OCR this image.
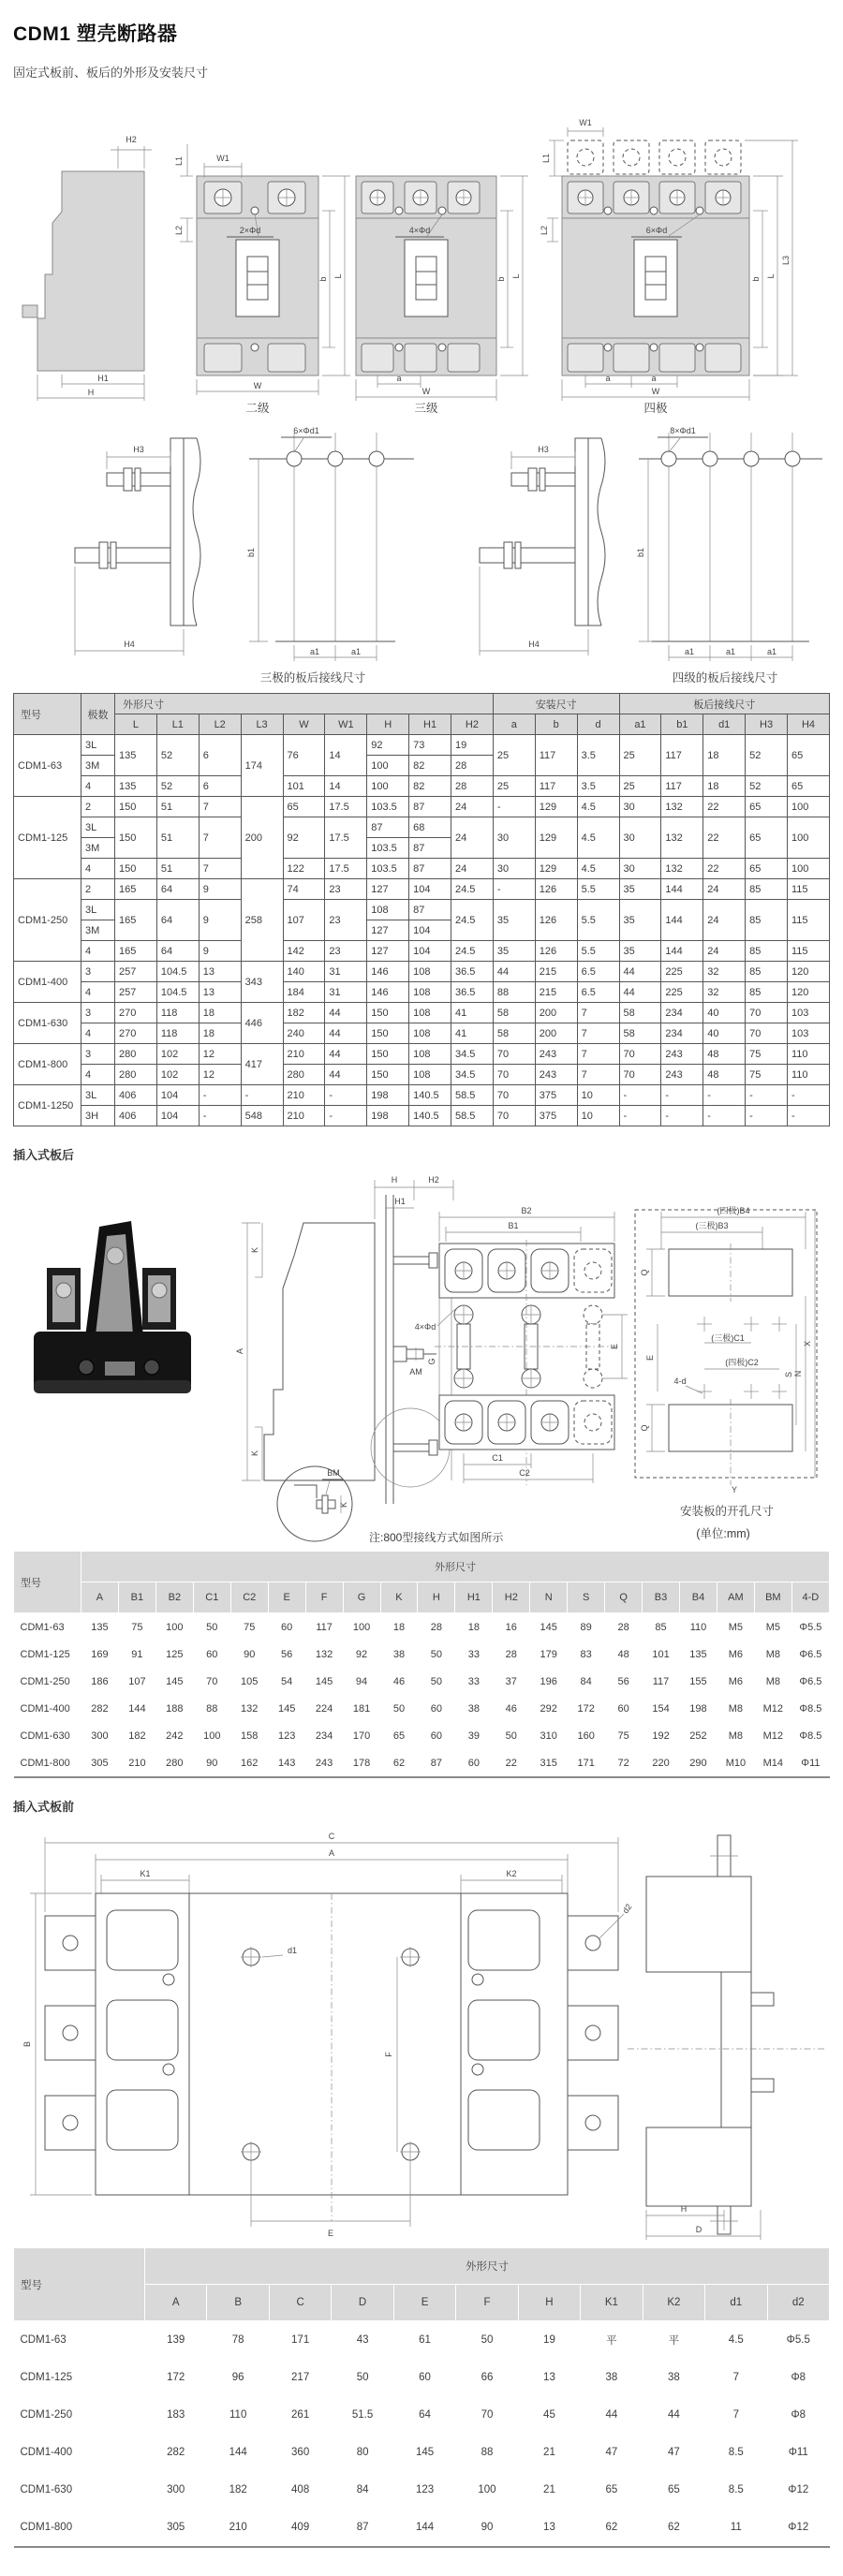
CDM1 塑壳断路器

固定式板前、板后的外形及安装尺寸

H2
H1
H
W1
L1
L2	2×Φd
b
L
W
二级
4×Φd
b
L
a
W
三级
W1
L1
L2	6×Φd
a	a
W
b
L
L3
四极
H3
H4
6×Φd1
b1
a1	a1
三极的板后接线尺寸
H3
H4
8×Φd1
b1
a1	a1	a1
四级的板后接线尺寸
型号	极数	外形尺寸									安装尺寸			板后接线尺寸				
		L	L1	L2	L3	W	W1	H	H1	H2	a	b	d	a1	b1	d1	H3	H4
CDM1-63	3L	135	52	6	174	76	14	92	73	19	25	117	3.5	25	117	18	52	65
	3M							100	82	28								
	4	135	52	6		101	14	100	82	28	25	117	3.5	25	117	18	52	65
CDM1-125	2	150	51	7	200	65	17.5	103.5	87	24	-	129	4.5	30	132	22	65	100
	3L	150	51	7		92	17.5	87	68	24	30	129	4.5	30	132	22	65	100
	3M							103.5	87									
	4	150	51	7		122	17.5	103.5	87	24	30	129	4.5	30	132	22	65	100
CDM1-250	2	165	64	9	258	74	23	127	104	24.5	-	126	5.5	35	144	24	85	115
	3L	165	64	9		107	23	108	87	24.5	35	126	5.5	35	144	24	85	115
	3M							127	104									
	4	165	64	9		142	23	127	104	24.5	35	126	5.5	35	144	24	85	115
CDM1-400	3	257	104.5	13	343	140	31	146	108	36.5	44	215	6.5	44	225	32	85	120
	4	257	104.5	13		184	31	146	108	36.5	88	215	6.5	44	225	32	85	120
CDM1-630	3	270	118	18	446	182	44	150	108	41	58	200	7	58	234	40	70	103
	4	270	118	18		240	44	150	108	41	58	200	7	58	234	40	70	103
CDM1-800	3	280	102	12	417	210	44	150	108	34.5	70	243	7	70	243	48	75	110
	4	280	102	12		280	44	150	108	34.5	70	243	7	70	243	48	75	110
CDM1-1250	3L	406	104	-	-	210	-	198	140.5	58.5	70	375	10	-	-	-	-	-
	3H	406	104	-	548	210	-	198	140.5	58.5	70	375	10	-	-	-	-	-
插入式板后
H	H2
H1
A
K
K
AM
G
K
BM
注:800型接线方式如图所示
B2
B1
4×Φd
E
C1
C2
(四极)B4
(三极)B3
Q
(三极)C1
(四极)C2
4-d
E
Q
S N
X
Y
安装板的开孔尺寸
(单位:mm)
型号	外形尺寸																			
	A	B1	B2	C1	C2	E	F	G	K	H	H1	H2	N	S	Q	B3	B4	AM	BM	4-D
CDM1-63	135	75	100	50	75	60	117	100	18	28	18	16	145	89	28	85	110	M5	M5	Φ5.5
CDM1-125	169	91	125	60	90	56	132	92	38	50	33	28	179	83	48	101	135	M6	M8	Φ6.5
CDM1-250	186	107	145	70	105	54	145	94	46	50	33	37	196	84	56	117	155	M6	M8	Φ6.5
CDM1-400	282	144	188	88	132	145	224	181	50	60	38	46	292	172	60	154	198	M8	M12	Φ8.5
CDM1-630	300	182	242	100	158	123	234	170	65	60	39	50	310	160	75	192	252	M8	M12	Φ8.5
CDM1-800	305	210	280	90	162	143	243	178	62	87	60	22	315	171	72	220	290	M10	M14	Φ11
插入式板前
C
A
K1	K2
d2
d1
F
B
E
H
D
型号	外形尺寸										
	A	B	C	D	E	F	H	K1	K2	d1	d2
CDM1-63	139	78	171	43	61	50	19	平	平	4.5	Φ5.5
CDM1-125	172	96	217	50	60	66	13	38	38	7	Φ8
CDM1-250	183	110	261	51.5	64	70	45	44	44	7	Φ8
CDM1-400	282	144	360	80	145	88	21	47	47	8.5	Φ11
CDM1-630	300	182	408	84	123	100	21	65	65	8.5	Φ12
CDM1-800	305	210	409	87	144	90	13	62	62	11	Φ12
